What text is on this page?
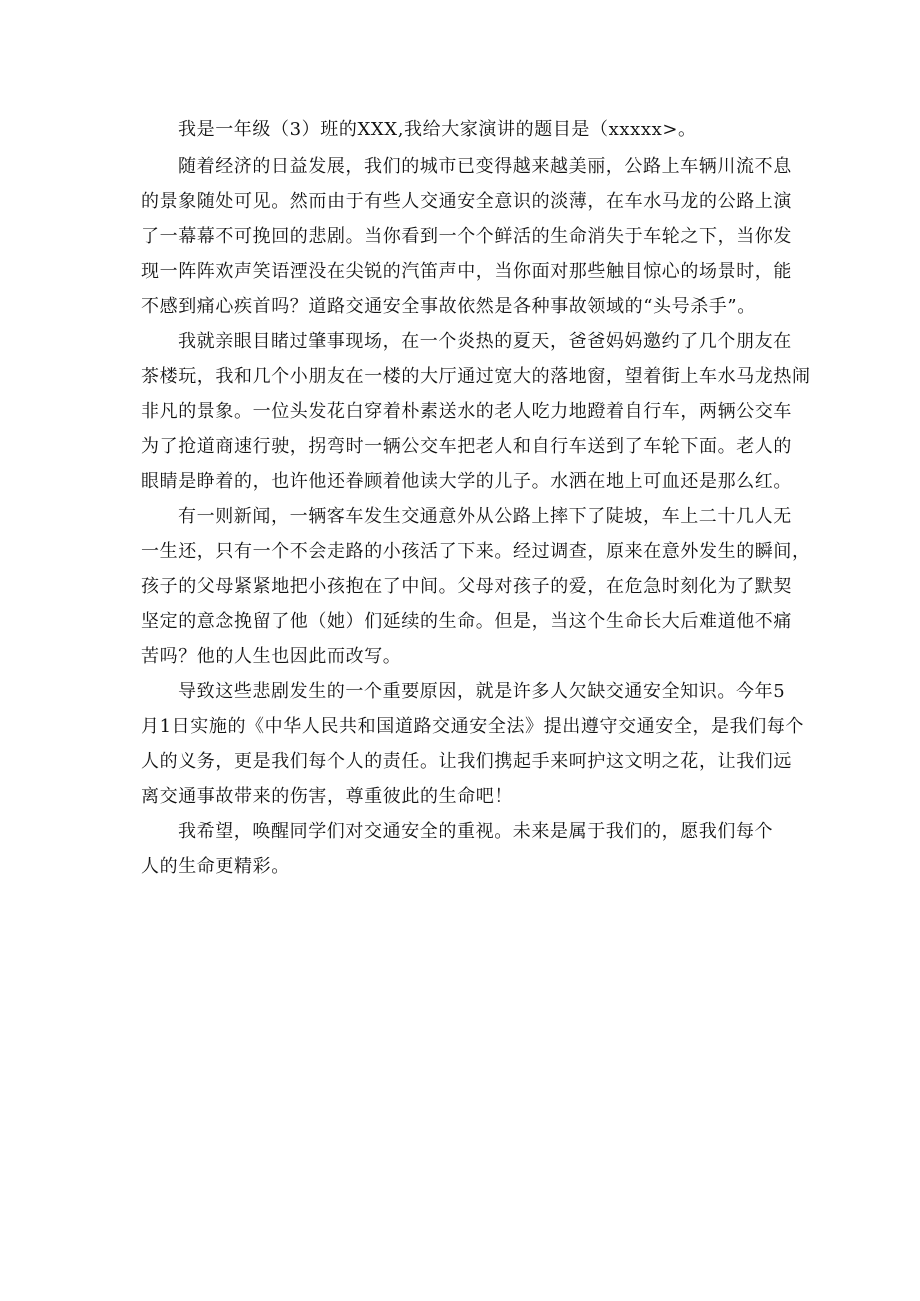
我是一年级（3）班的XXX,我给大家演讲的题目是（xxxxx>。

随着经济的日益发展，我们的城市已变得越来越美丽，公路上车辆川流不息

的景象随处可见。然而由于有些人交通安全意识的淡薄，在车水马龙的公路上演

了一幕幕不可挽回的悲剧。当你看到一个个鲜活的生命消失于车轮之下，当你发

现一阵阵欢声笑语湮没在尖锐的汽笛声中，当你面对那些触目惊心的场景时，能

不感到痛心疾首吗？道路交通安全事故依然是各种事故领域的“头号杀手”。

我就亲眼目睹过肇事现场，在一个炎热的夏天，爸爸妈妈邀约了几个朋友在

茶楼玩，我和几个小朋友在一楼的大厅通过宽大的落地窗，望着街上车水马龙热闹

非凡的景象。一位头发花白穿着朴素送水的老人吃力地蹬着自行车，两辆公交车

为了抢道商速行驶，拐弯时一辆公交车把老人和自行车送到了车轮下面。老人的

眼睛是睁着的，也许他还眷顾着他读大学的儿子。水洒在地上可血还是那么红。

有一则新闻，一辆客车发生交通意外从公路上摔下了陡坡，车上二十几人无

一生还，只有一个不会走路的小孩活了下来。经过调查，原来在意外发生的瞬间，

孩子的父母紧紧地把小孩抱在了中间。父母对孩子的爱，在危急时刻化为了默契

坚定的意念挽留了他（她）们延续的生命。但是，当这个生命长大后难道他不痛

苦吗？他的人生也因此而改写。

导致这些悲剧发生的一个重要原因，就是许多人欠缺交通安全知识。今年5

月1日实施的《中华人民共和国道路交通安全法》提出遵守交通安全，是我们每个

人的义务，更是我们每个人的责任。让我们携起手来呵护这文明之花，让我们远

离交通事故带来的伤害，尊重彼此的生命吧！

我希望，唤醒同学们对交通安全的重视。未来是属于我们的，愿我们每个

人的生命更精彩。
